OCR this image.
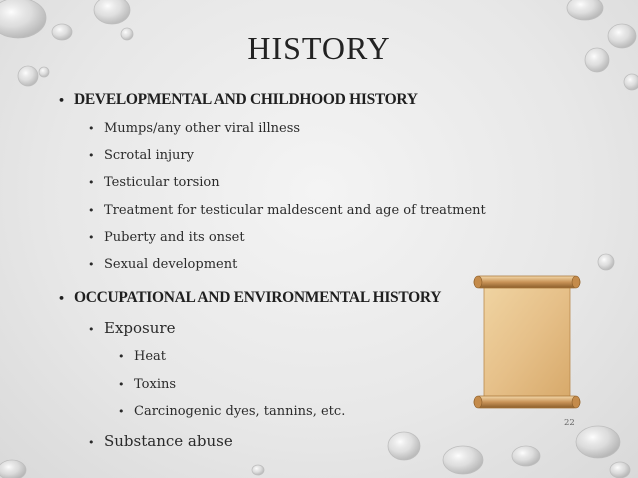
HISTORY
• DEVELOPMENTAL AND CHILDHOOD HISTORY
• Mumps/any other viral illness
• Scrotal injury
• Testicular torsion
• Treatment for testicular maldescent and age of treatment
• Puberty and its onset
• Sexual development
• OCCUPATIONAL AND ENVIRONMENTAL HISTORY
• Exposure
• Heat
• Toxins
• Carcinogenic dyes, tannins, etc.
• Substance abuse
22
